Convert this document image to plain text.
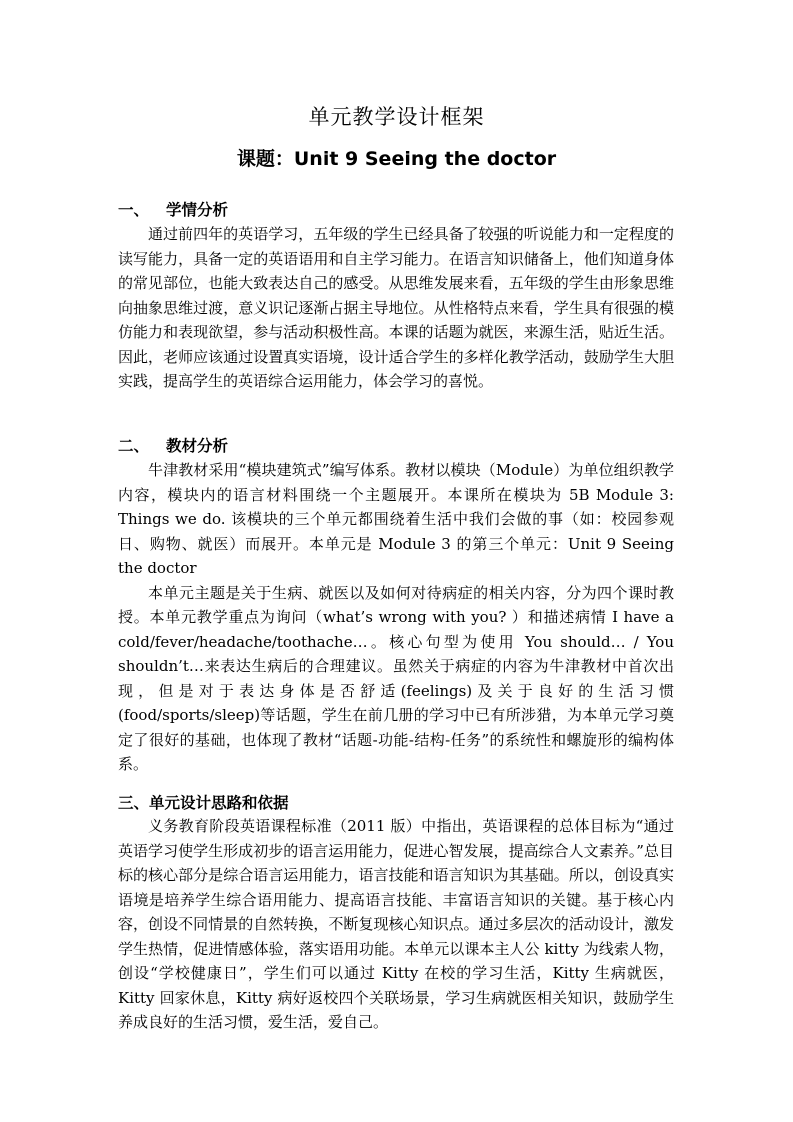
单元教学设计框架
课题：Unit 9 Seeing the doctor
一、 学情分析

通过前四年的英语学习，五年级的学生已经具备了较强的听说能力和一定程度的读写能力，具备一定的英语语用和自主学习能力。在语言知识储备上，他们知道身体的常见部位，也能大致表达自己的感受。从思维发展来看，五年级的学生由形象思维向抽象思维过渡，意义识记逐渐占据主导地位。从性格特点来看，学生具有很强的模仿能力和表现欲望，参与活动积极性高。本课的话题为就医，来源生活，贴近生活。因此，老师应该通过设置真实语境，设计适合学生的多样化教学活动，鼓励学生大胆实践，提高学生的英语综合运用能力，体会学习的喜悦。

二、 教材分析

牛津教材采用“模块建筑式”编写体系。教材以模块（Module）为单位组织教学内容，模块内的语言材料围绕一个主题展开。本课所在模块为 5B Module 3: Things we do. 该模块的三个单元都围绕着生活中我们会做的事（如：校园参观日、购物、就医）而展开。本单元是 Module 3 的第三个单元：Unit 9 Seeing the doctor

本单元主题是关于生病、就医以及如何对待病症的相关内容，分为四个课时教授。本单元教学重点为询问（what’s wrong with you? ）和描述病情 I have a cold/fever/headache/toothache…。核心句型为使用 You should… / You shouldn’t…来表达生病后的合理建议。虽然关于病症的内容为牛津教材中首次出现，但是对于表达身体是否舒适(feelings)及关于良好的生活习惯(food/sports/sleep)等话题，学生在前几册的学习中已有所涉猎，为本单元学习奠定了很好的基础，也体现了教材“话题-功能-结构-任务”的系统性和螺旋形的编构体系。

三、单元设计思路和依据

义务教育阶段英语课程标准（2011 版）中指出，英语课程的总体目标为“通过英语学习使学生形成初步的语言运用能力，促进心智发展，提高综合人文素养。”总目标的核心部分是综合语言运用能力，语言技能和语言知识为其基础。所以，创设真实语境是培养学生综合语用能力、提高语言技能、丰富语言知识的关键。基于核心内容，创设不同情景的自然转换，不断复现核心知识点。通过多层次的活动设计，激发学生热情，促进情感体验，落实语用功能。本单元以课本主人公 kitty 为线索人物，创设“学校健康日”，学生们可以通过 Kitty 在校的学习生活，Kitty 生病就医，Kitty 回家休息，Kitty 病好返校四个关联场景，学习生病就医相关知识，鼓励学生养成良好的生活习惯，爱生活，爱自己。
